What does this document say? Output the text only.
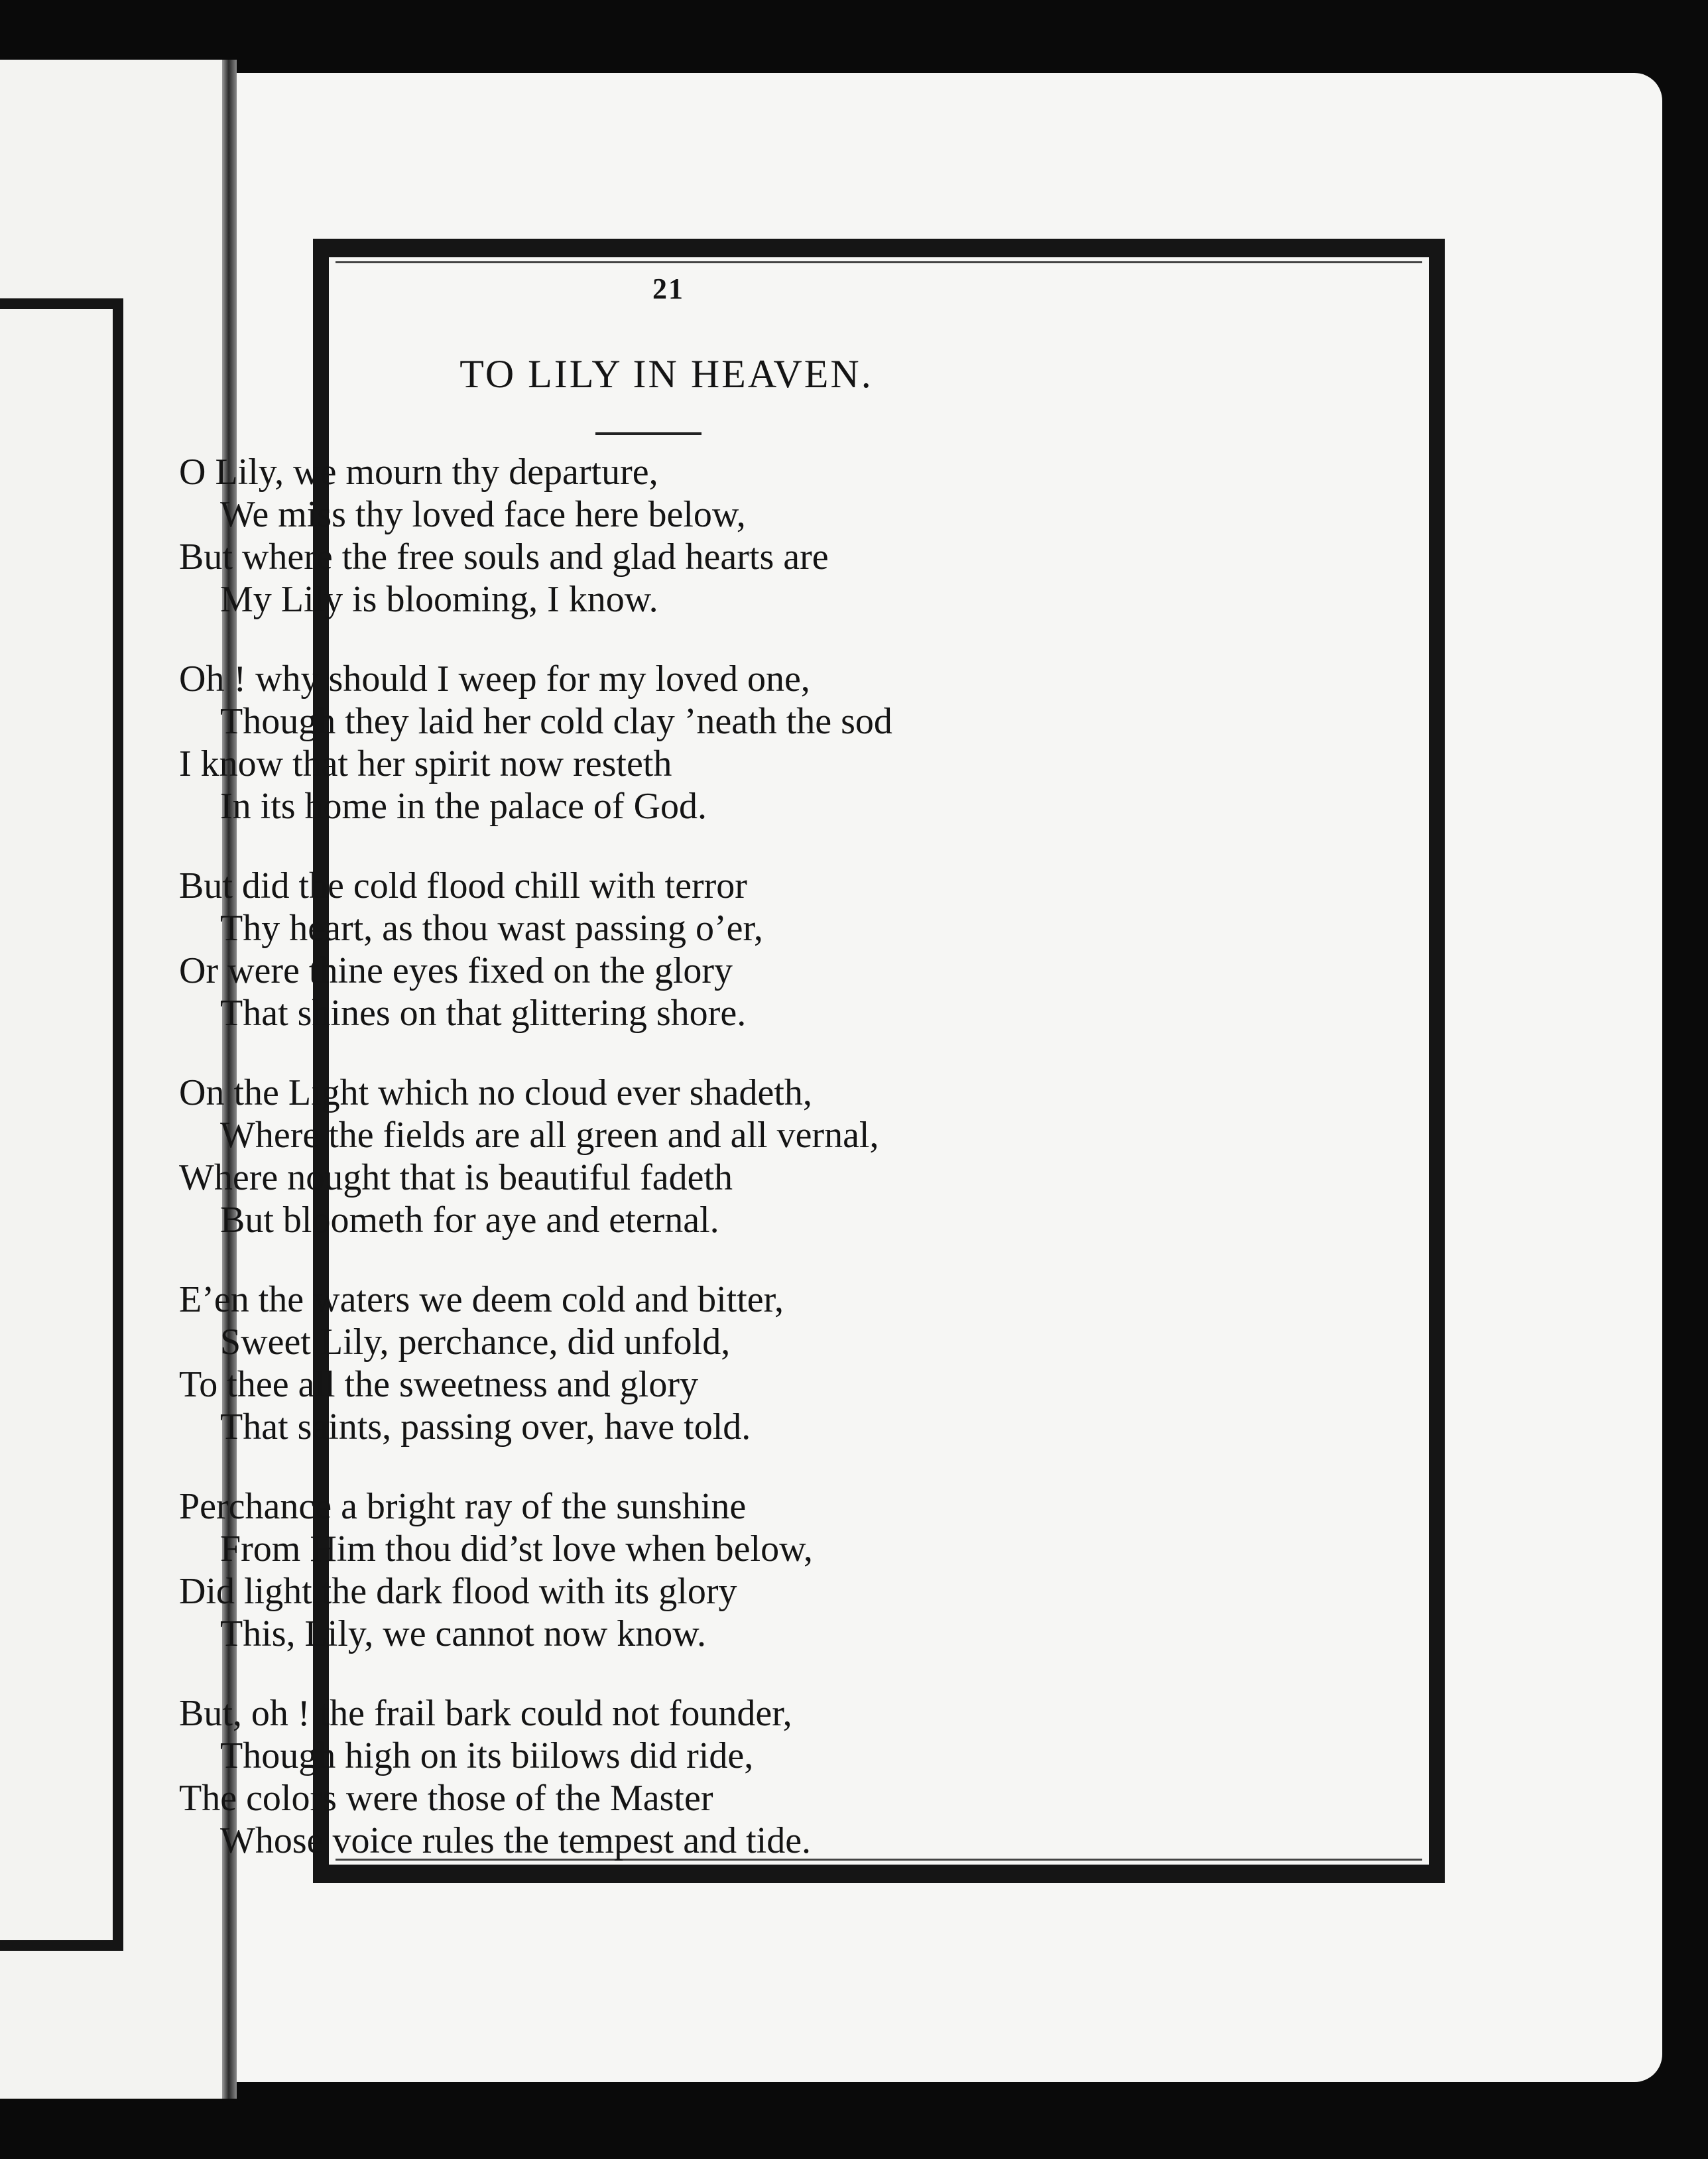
21
TO LILY IN HEAVEN.
O Lily, we mourn thy departure,
We miss thy loved face here below,
But where the free souls and glad hearts are
My Lily is blooming, I know.
Oh ! why should I weep for my loved one,
Though they laid her cold clay ’neath the sod
I know that her spirit now resteth
In its home in the palace of God.
But did the cold flood chill with terror
Thy heart, as thou wast passing o’er,
Or were thine eyes fixed on the glory
That shines on that glittering shore.
On the Light which no cloud ever shadeth,
Where the fields are all green and all vernal,
Where nought that is beautiful fadeth
But bloometh for aye and eternal.
E’en the waters we deem cold and bitter,
Sweet Lily, perchance, did unfold,
To thee all the sweetness and glory
That saints, passing over, have told.
Perchance a bright ray of the sunshine
From Him thou did’st love when below,
Did light the dark flood with its glory
This, Lily, we cannot now know.
But, oh ! the frail bark could not founder,
Though high on its biilows did ride,
The colors were those of the Master
Whose voice rules the tempest and tide.
